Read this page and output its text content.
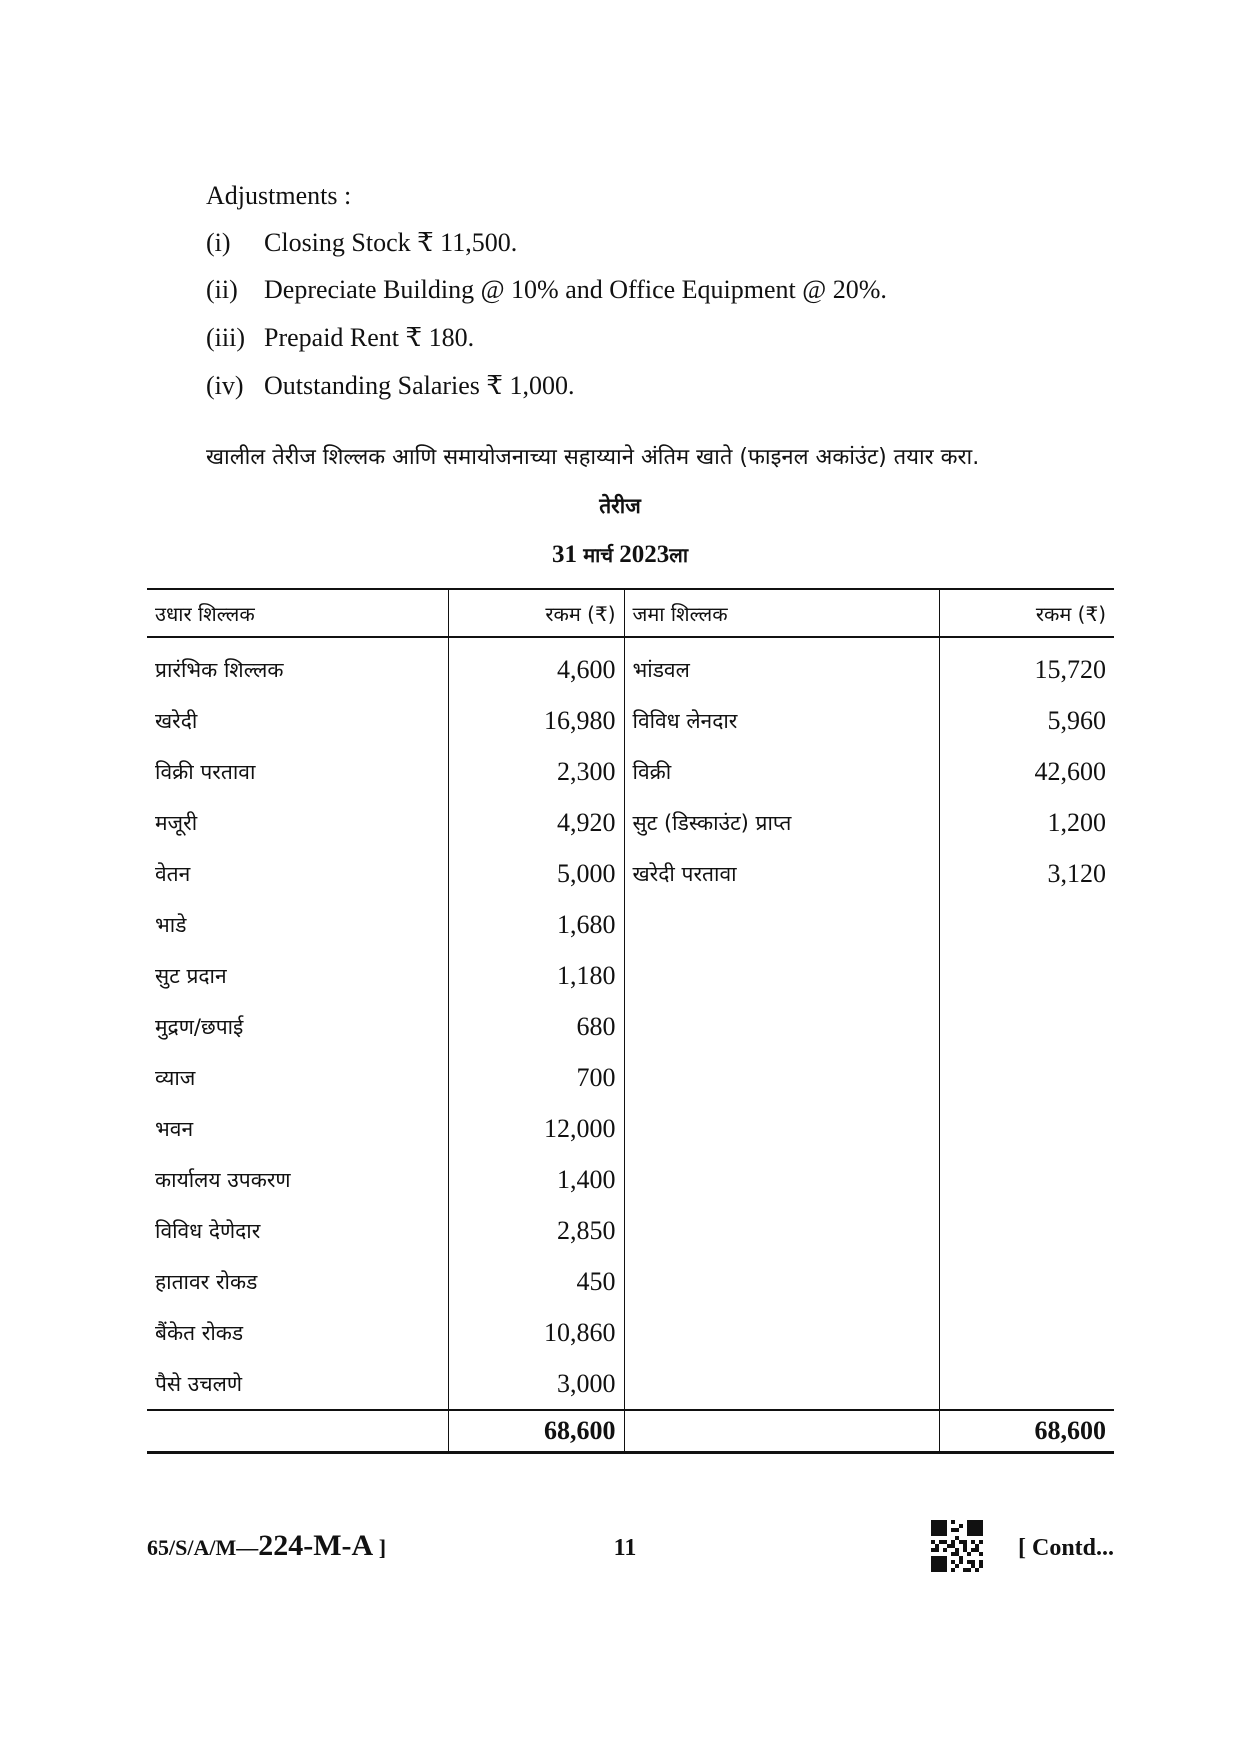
Adjustments :
(i) Closing Stock ₹ 11,500.
(ii) Depreciate Building @ 10% and Office Equipment @ 20%.
(iii) Prepaid Rent ₹ 180.
(iv) Outstanding Salaries ₹ 1,000.
खालील तेरीज शिल्लक आणि समायोजनाच्या सहाय्याने अंतिम खाते (फाइनल अकांउंट) तयार करा.
तेरीज
31 मार्च 2023ला
उधार शिल्लक	रकम (₹)	जमा शिल्लक	रकम (₹)
प्रारंभिक शिल्लक	4,600	भांडवल	15,720
खरेदी	16,980	विविध लेनदार	5,960
विक्री परतावा	2,300	विक्री	42,600
मजूरी	4,920	सुट (डिस्काउंट) प्राप्त	1,200
वेतन	5,000	खरेदी परतावा	3,120
भाडे	1,680		
सुट प्रदान	1,180		
मुद्रण/छपाई	680		
व्याज	700		
भवन	12,000		
कार्यालय उपकरण	1,400		
विविध देणेदार	2,850		
हातावर रोकड	450		
बैंकेत रोकड	10,860		
पैसे उचलणे	3,000		
	68,600		68,600
65/S/A/M—224-M-A ]	11	[ Contd...
